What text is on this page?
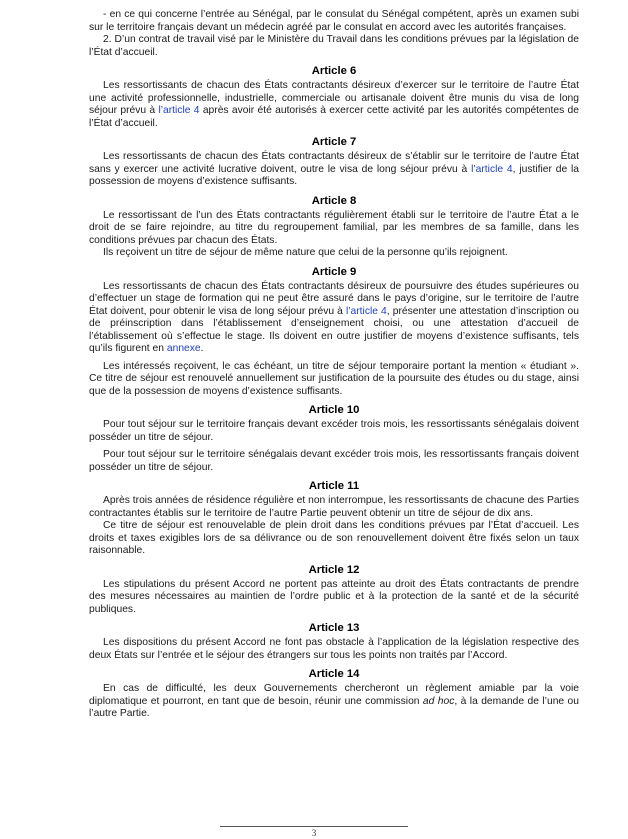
- en ce qui concerne l’entrée au Sénégal, par le consulat du Sénégal compétent, après un examen subi sur le territoire français devant un médecin agréé par le consulat en accord avec les autorités françaises.

2. D’un contrat de travail visé par le Ministère du Travail dans les conditions prévues par la législation de l’État d’accueil.

Article 6

Les ressortissants de chacun des États contractants désireux d’exercer sur le territoire de l’autre État une activité professionnelle, industrielle, commerciale ou artisanale doivent être munis du visa de long séjour prévu à l’article 4 après avoir été autorisés à exercer cette activité par les autorités compétentes de l’État d’accueil.

Article 7

Les ressortissants de chacun des États contractants désireux de s’établir sur le territoire de l’autre État sans y exercer une activité lucrative doivent, outre le visa de long séjour prévu à l’article 4, justifier de la possession de moyens d’existence suffisants.

Article 8

Le ressortissant de l’un des États contractants régulièrement établi sur le territoire de l’autre État a le droit de se faire rejoindre, au titre du regroupement familial, par les membres de sa famille, dans les conditions prévues par chacun des États.

Ils reçoivent un titre de séjour de même nature que celui de la personne qu’ils rejoignent.

Article 9

Les ressortissants de chacun des États contractants désireux de poursuivre des études supérieures ou d’effectuer un stage de formation qui ne peut être assuré dans le pays d’origine, sur le territoire de l’autre État doivent, pour obtenir le visa de long séjour prévu à l’article 4, présenter une attestation d’inscription ou de préinscription dans l’établissement d’enseignement choisi, ou une attestation d’accueil de l’établissement où s’effectue le stage. Ils doivent en outre justifier de moyens d’existence suffisants, tels qu’ils figurent en annexe.

Les intéressés reçoivent, le cas échéant, un titre de séjour temporaire portant la mention « étudiant ». Ce titre de séjour est renouvelé annuellement sur justification de la poursuite des études ou du stage, ainsi que de la possession de moyens d’existence suffisants.

Article 10

Pour tout séjour sur le territoire français devant excéder trois mois, les ressortissants sénégalais doivent posséder un titre de séjour.

Pour tout séjour sur le territoire sénégalais devant excéder trois mois, les ressortissants français doivent posséder un titre de séjour.

Article 11

Après trois années de résidence régulière et non interrompue, les ressortissants de chacune des Parties contractantes établis sur le territoire de l’autre Partie peuvent obtenir un titre de séjour de dix ans.

Ce titre de séjour est renouvelable de plein droit dans les conditions prévues par l’État d’accueil. Les droits et taxes exigibles lors de sa délivrance ou de son renouvellement doivent être fixés selon un taux raisonnable.

Article 12

Les stipulations du présent Accord ne portent pas atteinte au droit des États contractants de prendre des mesures nécessaires au maintien de l’ordre public et à la protection de la santé et de la sécurité publiques.

Article 13

Les dispositions du présent Accord ne font pas obstacle à l’application de la législation respective des deux États sur l’entrée et le séjour des étrangers sur tous les points non traités par l’Accord.

Article 14

En cas de difficulté, les deux Gouvernements chercheront un règlement amiable par la voie diplomatique et pourront, en tant que de besoin, réunir une commission ad hoc, à la demande de l’une ou l’autre Partie.

3
